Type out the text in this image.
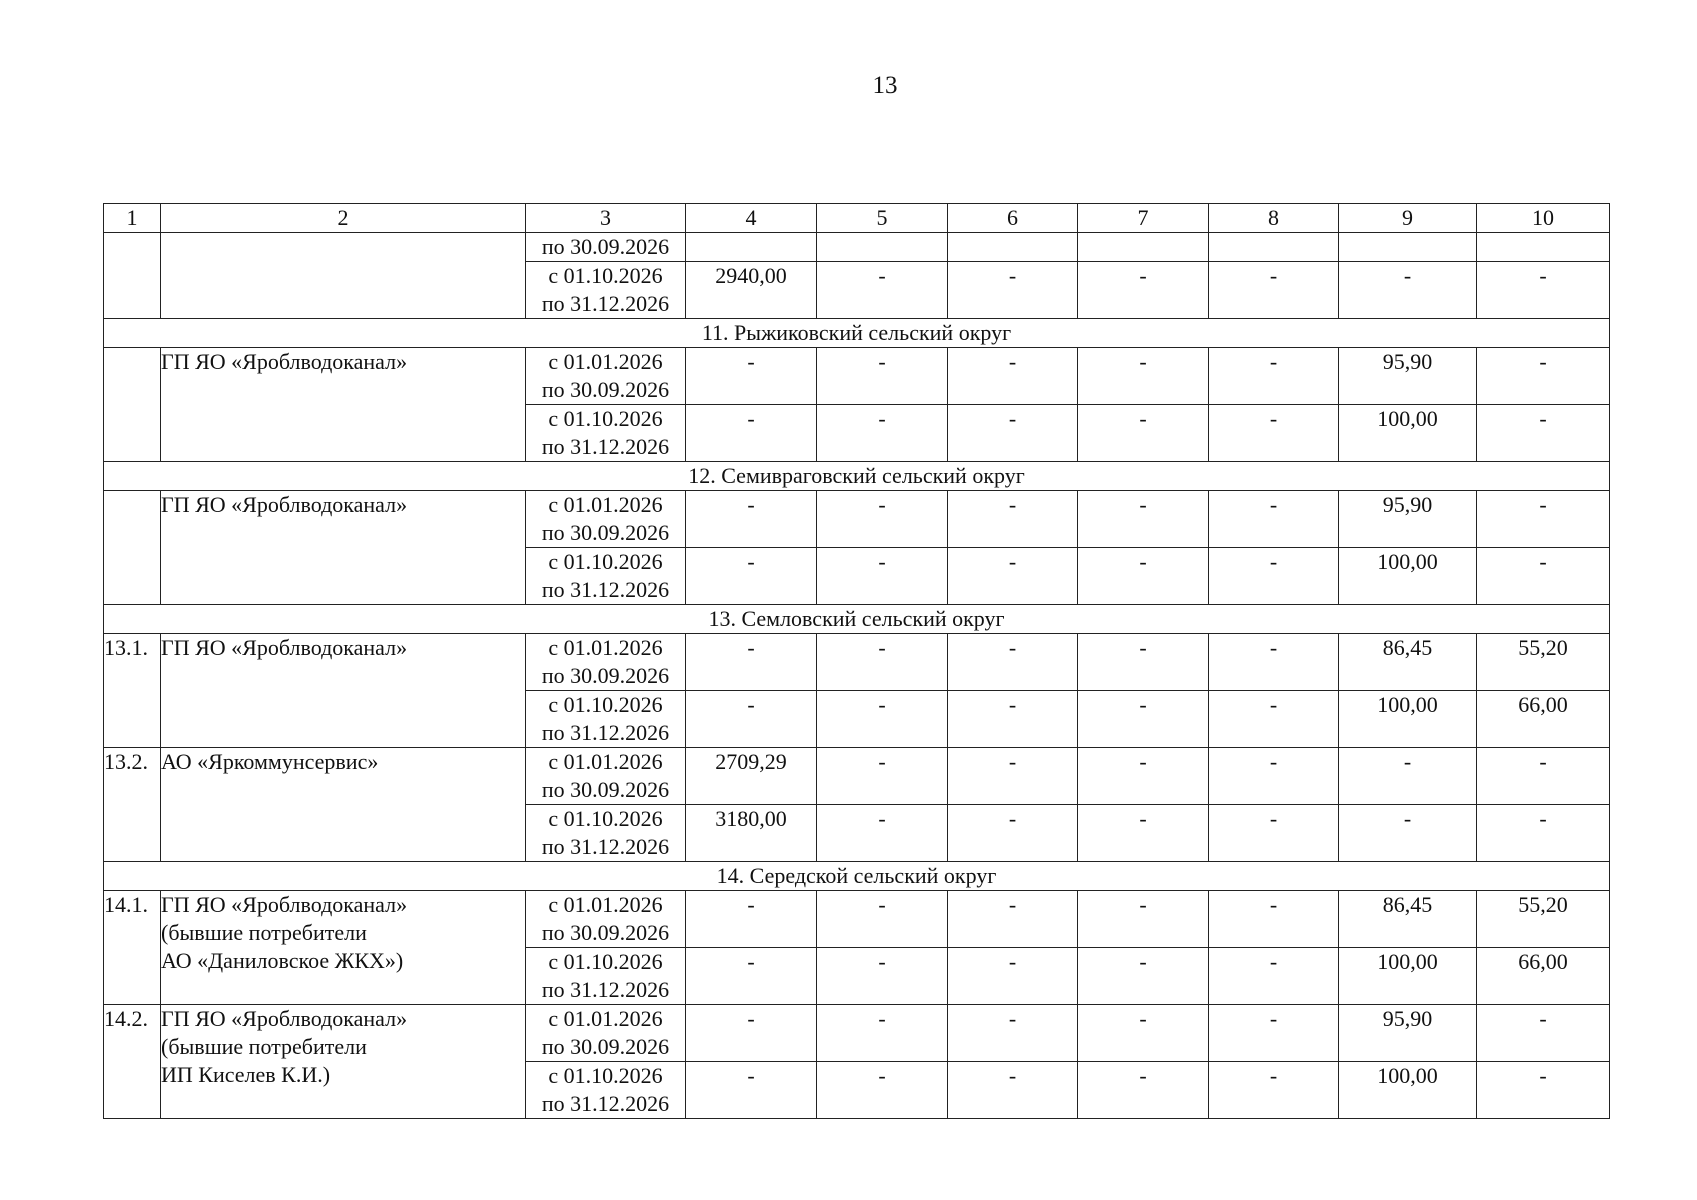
13
1	2	3	4	5	6	7	8	9	10

		по 30.09.2026							

		с 01.10.2026
по 31.12.2026	2940,00	-	-	-	-	-	-
11. Рыжиковский сельский округ									
	ГП ЯО «Яроблводоканал»	с 01.01.2026
по 30.09.2026	-	-	-	-	-	95,90	-

		с 01.10.2026
по 31.12.2026	-	-	-	-	-	100,00	-
12. Семивраговский сельский округ									
	ГП ЯО «Яроблводоканал»	с 01.01.2026
по 30.09.2026	-	-	-	-	-	95,90	-

		с 01.10.2026
по 31.12.2026	-	-	-	-	-	100,00	-
13. Семловский сельский округ									
13.1.	ГП ЯО «Яроблводоканал»	с 01.01.2026
по 30.09.2026	-	-	-	-	-	86,45	55,20

		с 01.10.2026
по 31.12.2026	-	-	-	-	-	100,00	66,00
13.2.	АО «Яркоммунсервис»	с 01.01.2026
по 30.09.2026	2709,29	-	-	-	-	-	-

		с 01.10.2026
по 31.12.2026	3180,00	-	-	-	-	-	-
14. Середской сельский округ									
14.1.	ГП ЯО «Яроблводоканал»
(бывшие потребители
АО «Даниловское ЖКХ»)	с 01.01.2026
по 30.09.2026	-	-	-	-	-	86,45	55,20

		с 01.10.2026
по 31.12.2026	-	-	-	-	-	100,00	66,00
14.2.	ГП ЯО «Яроблводоканал»
(бывшие потребители
ИП Киселев К.И.)	с 01.01.2026
по 30.09.2026	-	-	-	-	-	95,90	-

		с 01.10.2026
по 31.12.2026	-	-	-	-	-	100,00	-
